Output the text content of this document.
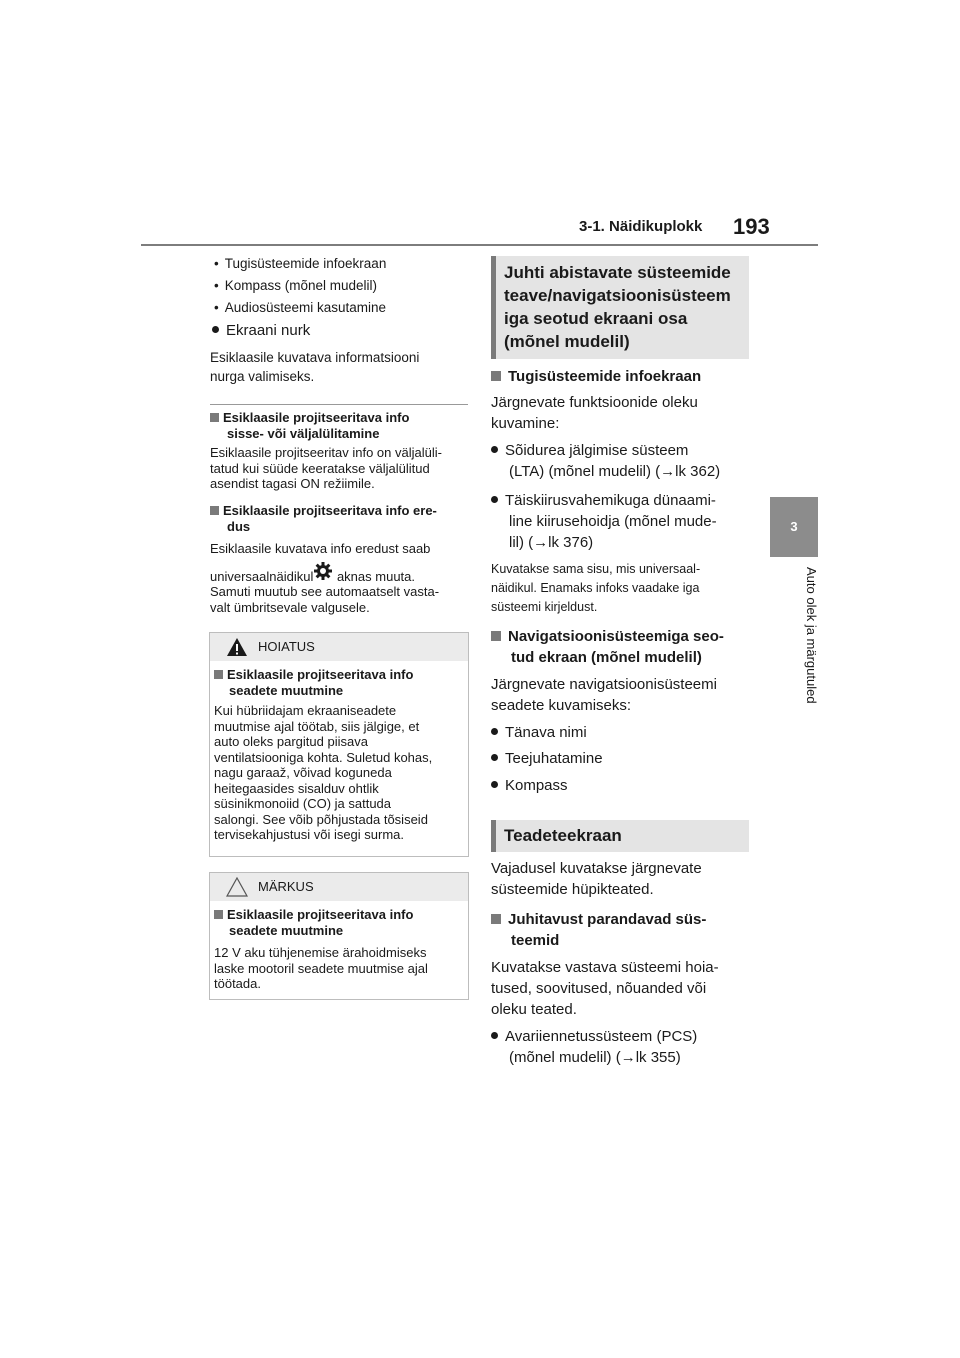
3-1. Näidikuplokk 193
3
Auto olek ja märgutuled
• Tugisüsteemide infoekraan
• Kompass (mõnel mudelil)
• Audiosüsteemi kasutamine
Ekraani nurk
Esiklaasile kuvatava informatsiooni
nurga valimiseks.
Esiklaasile projitseeritava info
sisse- või väljalülitamine
Esiklaasile projitseeritav info on väljalüli-
tatud kui süüde keeratakse väljalülitud
asendist tagasi ON režiimile.
Esiklaasile projitseeritava info ere-
dus
Esiklaasile kuvatava info eredust saab
universaalnäidikul aknas muuta.
Samuti muutub see automaatselt vasta-
valt ümbritsevale valgusele.
HOIATUS
Esiklaasile projitseeritava info
seadete muutmine
Kui hübriidajam ekraaniseadete
muutmise ajal töötab, siis jälgige, et
auto oleks pargitud piisava
ventilatsiooniga kohta. Suletud kohas,
nagu garaaž, võivad koguneda
heitegaasides sisalduv ohtlik
süsinikmonoiid (CO) ja sattuda
salongi. See võib põhjustada tõsiseid
tervisekahjustusi või isegi surma.
MÄRKUS
Esiklaasile projitseeritava info
seadete muutmine
12 V aku tühjenemise ärahoidmiseks
laske mootoril seadete muutmise ajal
töötada.
Juhti abistavate süsteemide
teave/navigatsioonisüsteem
iga seotud ekraani osa
(mõnel mudelil)
Tugisüsteemide infoekraan
Järgnevate funktsioonide oleku
kuvamine:
Sõidurea jälgimise süsteem
(LTA) (mõnel mudelil) (→lk 362)
Täiskiirusvahemikuga dünaami-
line kiirusehoidja (mõnel mude-
lil) (→lk 376)
Kuvatakse sama sisu, mis universaal-
näidikul. Enamaks infoks vaadake iga
süsteemi kirjeldust.
Navigatsioonisüsteemiga seo-
tud ekraan (mõnel mudelil)
Järgnevate navigatsioonisüsteemi
seadete kuvamiseks:
Tänava nimi
Teejuhatamine
Kompass
Teadeteekraan
Vajadusel kuvatakse järgnevate
süsteemide hüpikteated.
Juhitavust parandavad süs-
teemid
Kuvatakse vastava süsteemi hoia-
tused, soovitused, nõuanded või
oleku teated.
Avariiennetussüsteem (PCS)
(mõnel mudelil) (→lk 355)
